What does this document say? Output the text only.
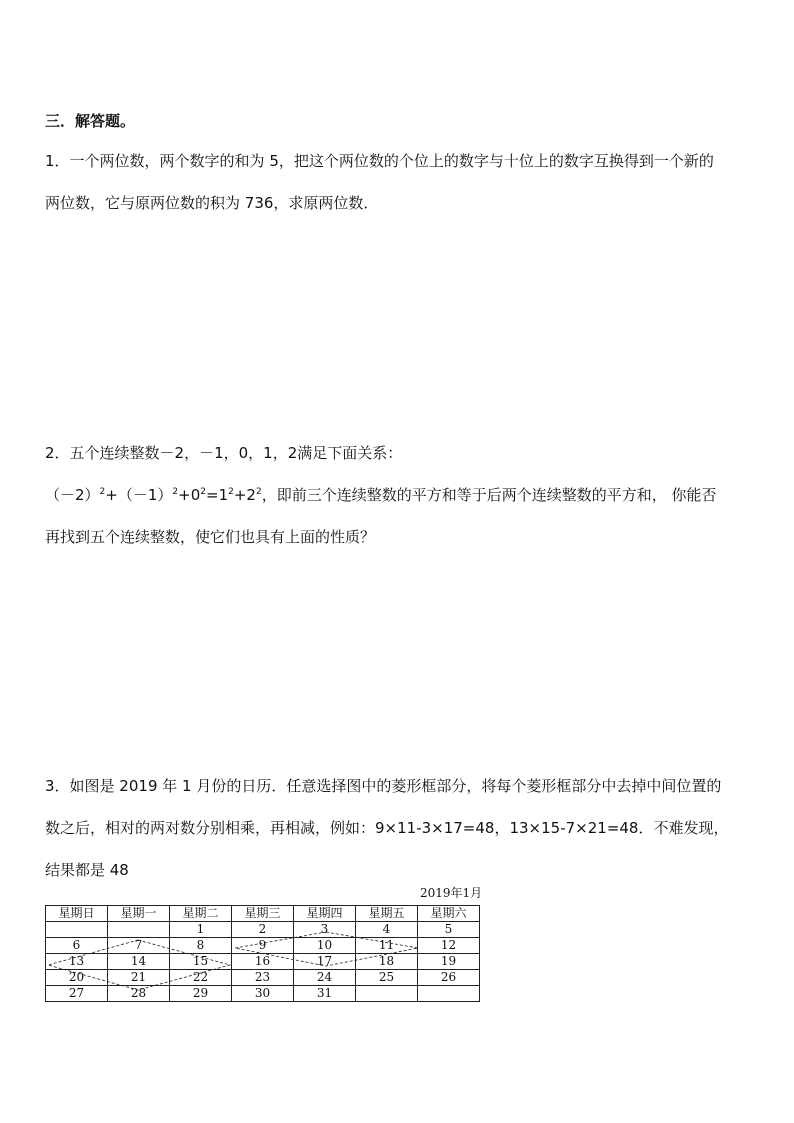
三．解答题。
1．一个两位数，两个数字的和为 5，把这个两位数的个位上的数字与十位上的数字互换得到一个新的
两位数，它与原两位数的积为 736，求原两位数．
2．五个连续整数－2，－1，0，1，2满足下面关系：
$(-2)^2+(-1)^2+0^2=1^2+2^2$，即前三个连续整数的平方和等于后两个连续整数的平方和， 你能否
再找到五个连续整数，使它们也具有上面的性质？
3．如图是 2019 年 1 月份的日历．任意选择图中的菱形框部分，将每个菱形框部分中去掉中间位置的
数之后，相对的两对数分别相乘，再相减，例如：9×11-3×17=48，13×15-7×21=48．不难发现，
结果都是 48
2019年1月
星期日	星期一	星期二	星期三	星期四	星期五	星期六
		1	2	3	4	5
6	7	8	9	10	11	12
13	14	15	16	17	18	19
20	21	22	23	24	25	26
27	28	29	30	31		
